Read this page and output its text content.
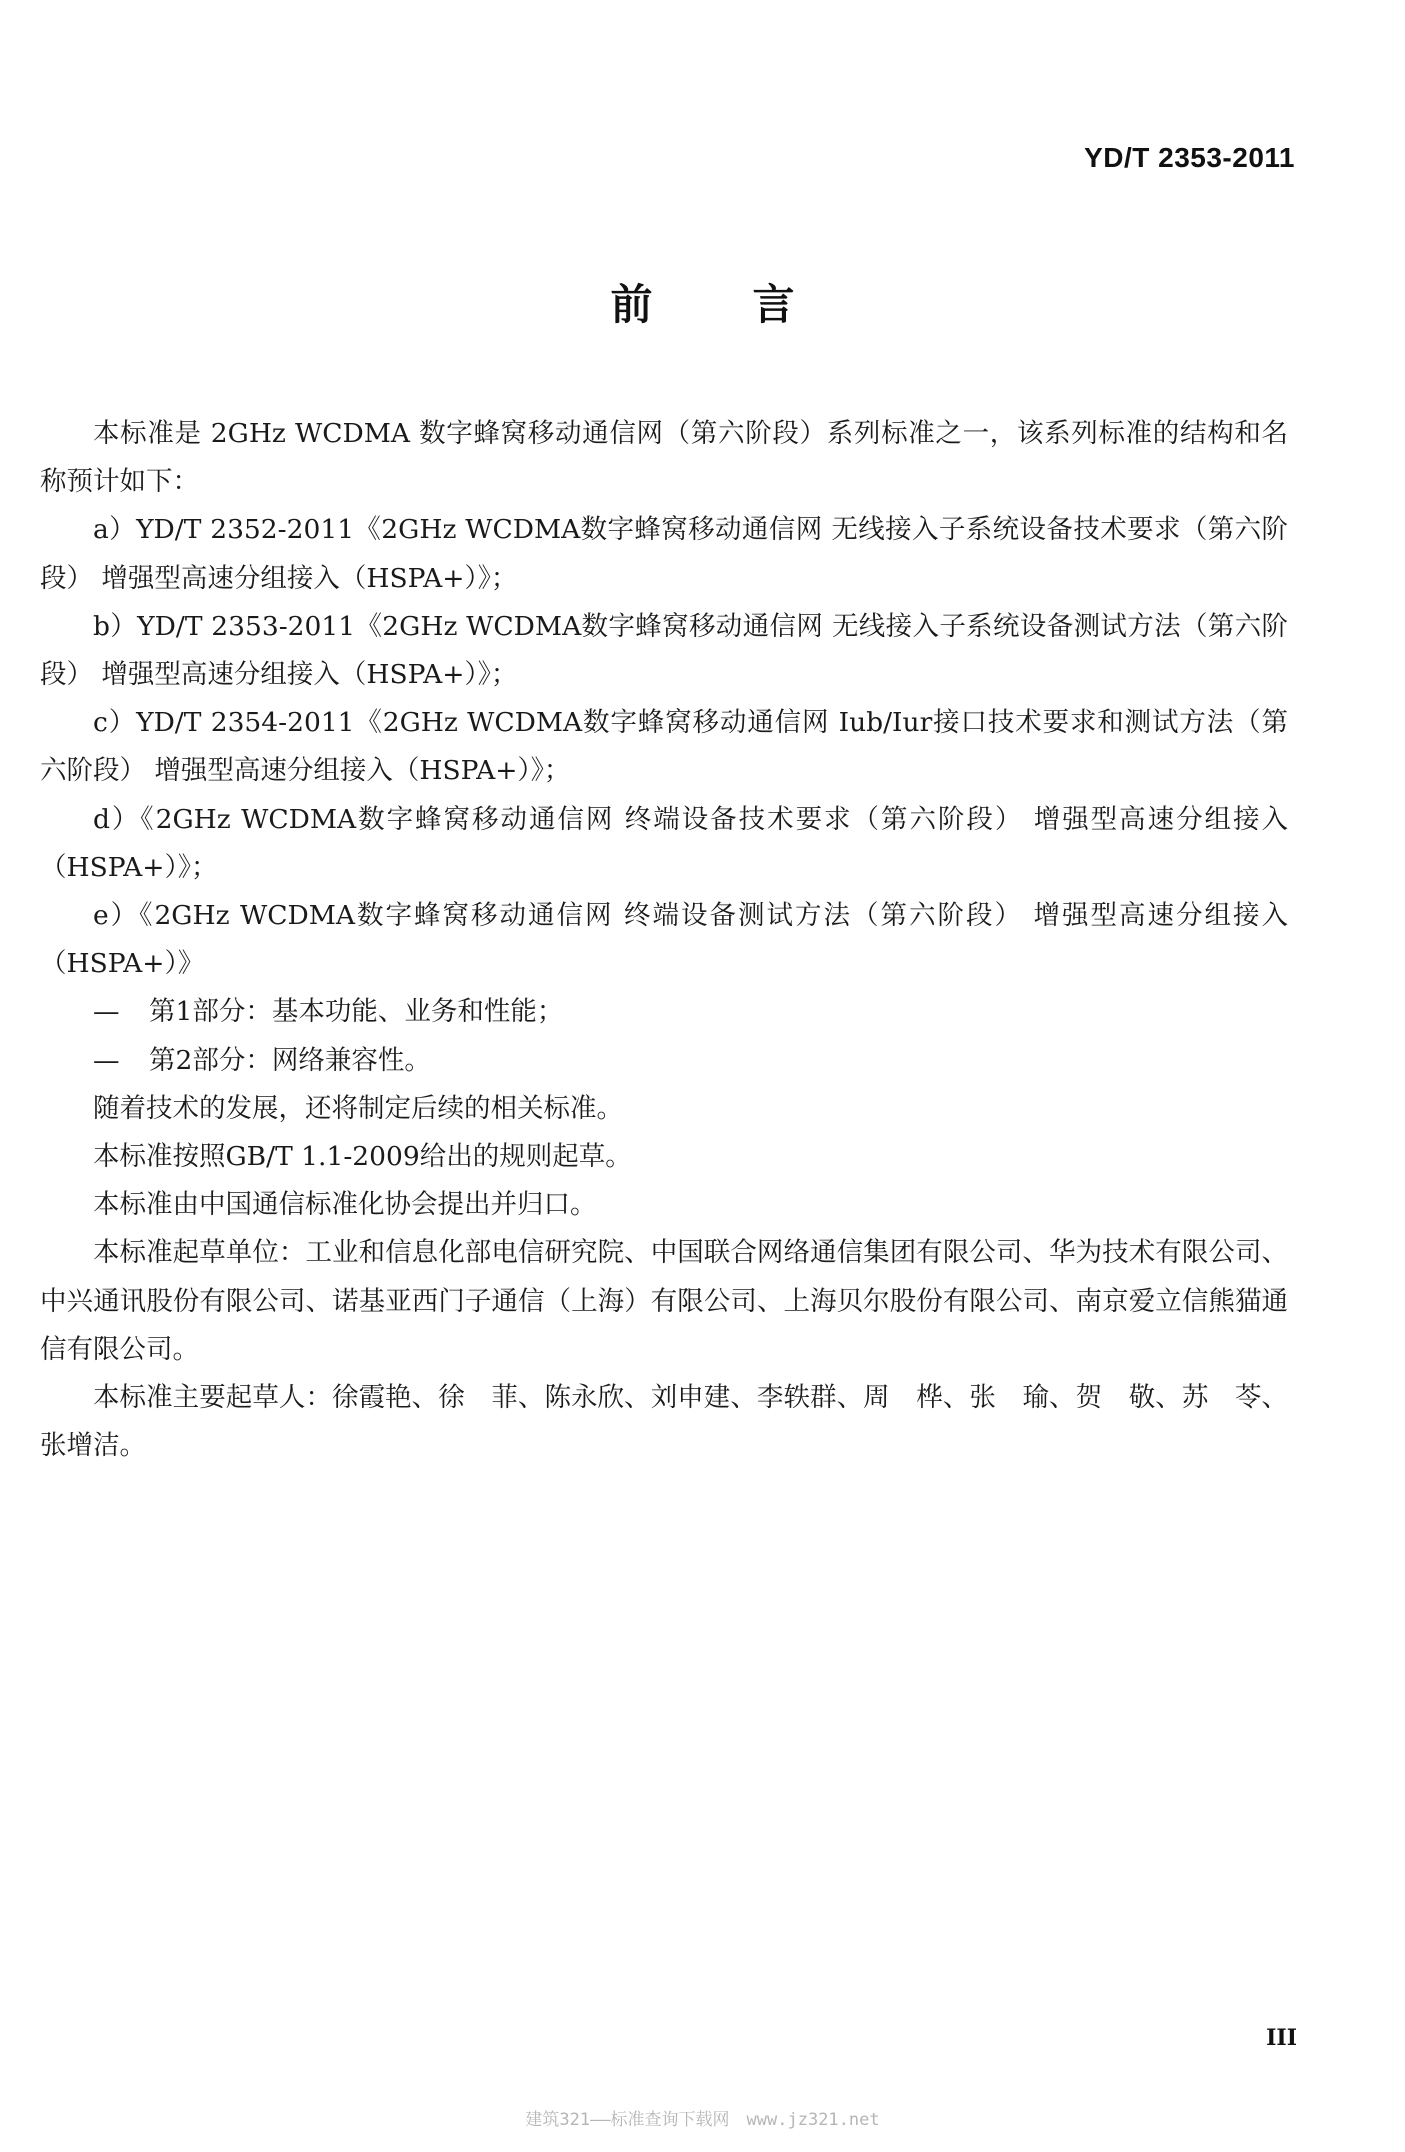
YD/T 2353-2011
前言

本标准是 2GHz WCDMA 数字蜂窝移动通信网（第六阶段）系列标准之一，该系列标准的结构和名称预计如下：

a）YD/T 2352-2011《2GHz WCDMA数字蜂窝移动通信网 无线接入子系统设备技术要求（第六阶段） 增强型高速分组接入（HSPA+）》；

b）YD/T 2353-2011《2GHz WCDMA数字蜂窝移动通信网 无线接入子系统设备测试方法（第六阶段） 增强型高速分组接入（HSPA+）》；

c）YD/T 2354-2011《2GHz WCDMA数字蜂窝移动通信网 Iub/Iur接口技术要求和测试方法（第六阶段） 增强型高速分组接入（HSPA+）》；

d）《2GHz WCDMA数字蜂窝移动通信网 终端设备技术要求（第六阶段） 增强型高速分组接入（HSPA+）》；

e）《2GHz WCDMA数字蜂窝移动通信网 终端设备测试方法（第六阶段） 增强型高速分组接入（HSPA+）》

— 第1部分：基本功能、业务和性能；

— 第2部分：网络兼容性。

随着技术的发展，还将制定后续的相关标准。

本标准按照GB/T 1.1-2009给出的规则起草。

本标准由中国通信标准化协会提出并归口。

本标准起草单位：工业和信息化部电信研究院、中国联合网络通信集团有限公司、华为技术有限公司、中兴通讯股份有限公司、诺基亚西门子通信（上海）有限公司、上海贝尔股份有限公司、南京爱立信熊猫通信有限公司。

本标准主要起草人：徐霞艳、徐　菲、陈永欣、刘申建、李轶群、周　桦、张　瑜、贺　敬、苏　苓、张增洁。

III
建筑321——标准查询下载网　www.jz321.net
